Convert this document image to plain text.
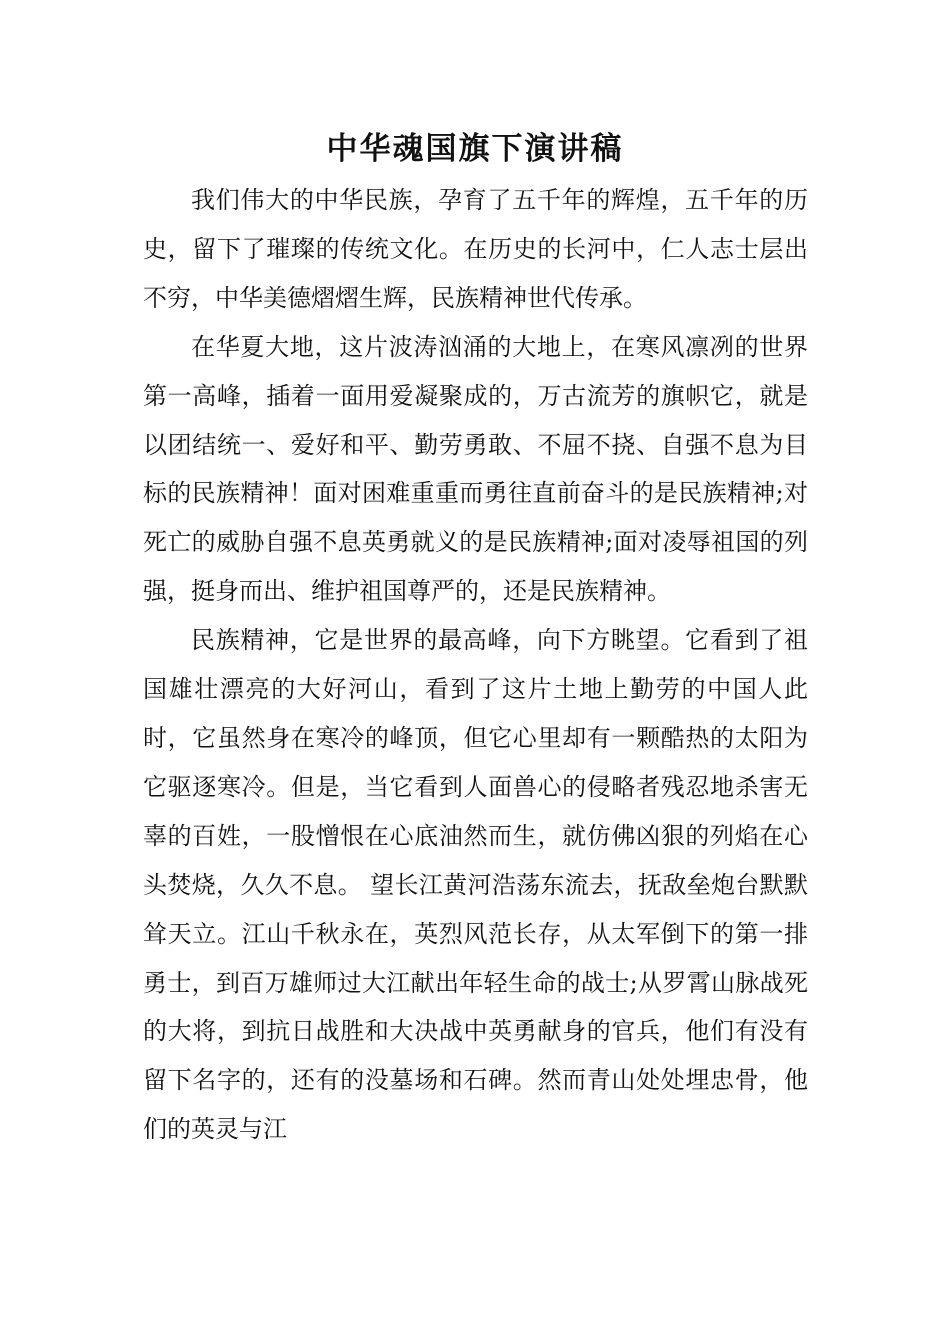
中华魂国旗下演讲稿

我们伟大的中华民族，孕育了五千年的辉煌，五千年的历史，留下了璀璨的传统文化。在历史的长河中，仁人志士层出不穷，中华美德熠熠生辉，民族精神世代传承。

在华夏大地，这片波涛汹涌的大地上，在寒风凛冽的世界第一高峰，插着一面用爱凝聚成的，万古流芳的旗帜它，就是以团结统一、爱好和平、勤劳勇敢、不屈不挠、自强不息为目标的民族精神！面对困难重重而勇往直前奋斗的是民族精神;对死亡的威胁自强不息英勇就义的是民族精神;面对凌辱祖国的列强，挺身而出、维护祖国尊严的，还是民族精神。

民族精神，它是世界的最高峰，向下方眺望。它看到了祖国雄壮漂亮的大好河山，看到了这片土地上勤劳的中国人此时，它虽然身在寒冷的峰顶，但它心里却有一颗酷热的太阳为它驱逐寒冷。但是，当它看到人面兽心的侵略者残忍地杀害无辜的百姓，一股憎恨在心底油然而生，就仿佛凶狠的列焰在心头焚烧，久久不息。 望长江黄河浩荡东流去，抚敌垒炮台默默耸天立。江山千秋永在，英烈风范长存，从太军倒下的第一排勇士，到百万雄师过大江献出年轻生命的战士;从罗霄山脉战死的大将，到抗日战胜和大决战中英勇献身的官兵，他们有没有留下名字的，还有的没墓场和石碑。然而青山处处埋忠骨，他们的英灵与江
